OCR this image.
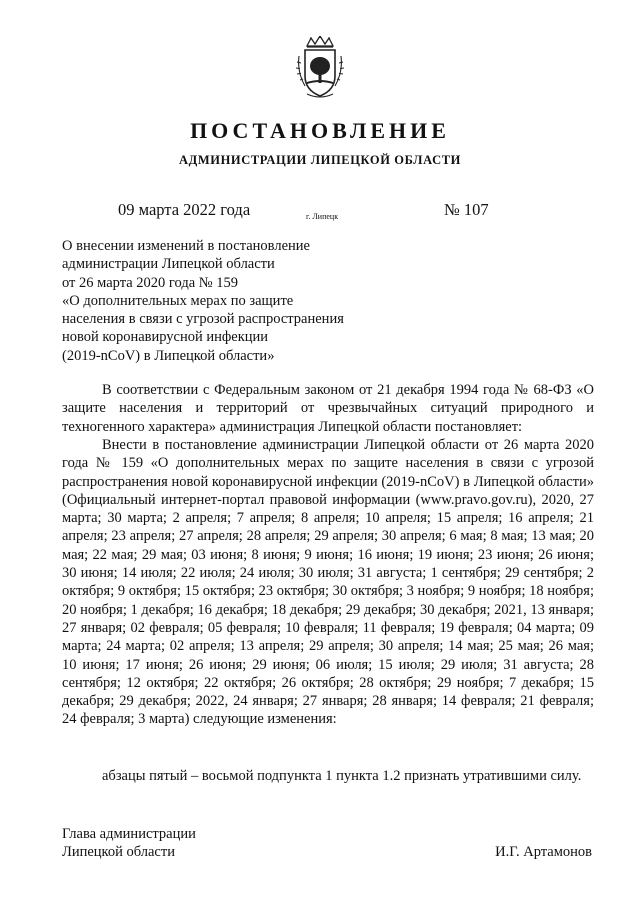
ПОСТАНОВЛЕНИЕ
АДМИНИСТРАЦИИ ЛИПЕЦКОЙ ОБЛАСТИ
09 марта 2022 года	г. Липецк	№ 107
О внесении изменений в постановление
администрации Липецкой области
от 26 марта 2020 года № 159
«О дополнительных мерах по защите
населения в связи с угрозой распространения
новой коронавирусной инфекции
(2019-nCoV) в Липецкой области»

В соответствии с Федеральным законом от 21 декабря 1994 года № 68-ФЗ «О защите населения и территорий от чрезвычайных ситуаций природного и техногенного характера» администрация Липецкой области постановляет:

Внести в постановление администрации Липецкой области от 26 марта 2020 года № 159 «О дополнительных мерах по защите населения в связи с угрозой распространения новой коронавирусной инфекции (2019-nCoV) в Липецкой области» (Официальный интернет-портал правовой информации (www.pravo.gov.ru), 2020, 27 марта; 30 марта; 2 апреля; 7 апреля; 8 апреля; 10 апреля; 15 апреля; 16 апреля; 21 апреля; 23 апреля; 27 апреля; 28 апреля; 29 апреля; 30 апреля; 6 мая; 8 мая; 13 мая; 20 мая; 22 мая; 29 мая; 03 июня; 8 июня; 9 июня; 16 июня; 19 июня; 23 июня; 26 июня; 30 июня; 14 июля; 22 июля; 24 июля; 30 июля; 31 августа; 1 сентября; 29 сентября; 2 октября; 9 октября; 15 октября; 23 октября; 30 октября; 3 ноября; 9 ноября; 18 ноября; 20 ноября; 1 декабря; 16 декабря; 18 декабря; 29 декабря; 30 декабря; 2021, 13 января; 27 января; 02 февраля; 05 февраля; 10 февраля; 11 февраля; 19 февраля; 04 марта; 09 марта; 24 марта; 02 апреля; 13 апреля; 29 апреля; 30 апреля; 14 мая; 25 мая; 26 мая; 10 июня; 17 июня; 26 июня; 29 июня; 06 июля; 15 июля; 29 июля; 31 августа; 28 сентября; 12 октября; 22 октября; 26 октября; 28 октября; 29 ноября; 7 декабря; 15 декабря; 29 декабря; 2022, 24 января; 27 января; 28 января; 14 февраля; 21 февраля; 24 февраля; 3 марта) следующие изменения:

абзацы пятый – восьмой подпункта 1 пункта 1.2 признать утратившими силу.

Глава администрации
Липецкой области	И.Г. Артамонов
